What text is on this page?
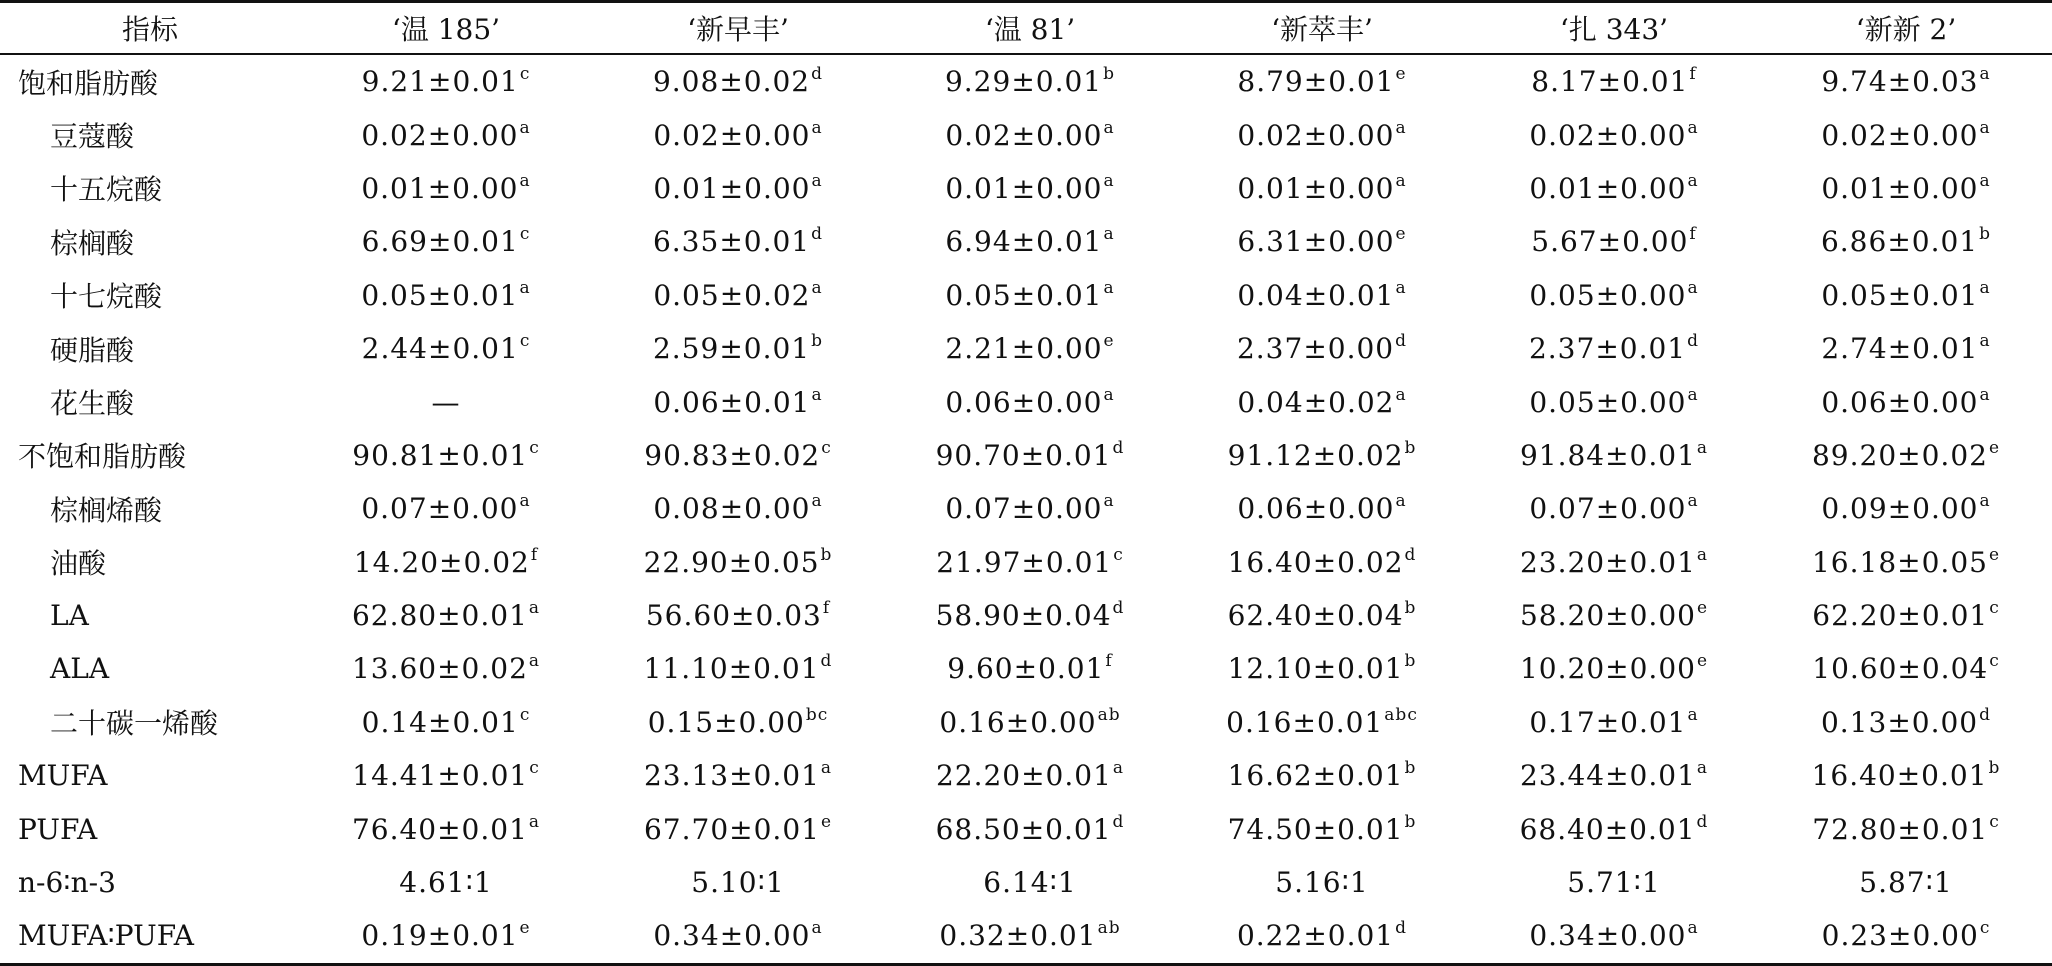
指标	‘温 185’	‘新早丰’	‘温 81’	‘新萃丰’	‘扎 343’	‘新新 2’
饱和脂肪酸	9.21±0.01$^c$	9.08±0.02$^d$	9.29±0.01$^b$	8.79±0.01$^e$	8.17±0.01$^f$	9.74±0.03$^a$
豆蔻酸	0.02±0.00$^a$	0.02±0.00$^a$	0.02±0.00$^a$	0.02±0.00$^a$	0.02±0.00$^a$	0.02±0.00$^a$
十五烷酸	0.01±0.00$^a$	0.01±0.00$^a$	0.01±0.00$^a$	0.01±0.00$^a$	0.01±0.00$^a$	0.01±0.00$^a$
棕榈酸	6.69±0.01$^c$	6.35±0.01$^d$	6.94±0.01$^a$	6.31±0.00$^e$	5.67±0.00$^f$	6.86±0.01$^b$
十七烷酸	0.05±0.01$^a$	0.05±0.02$^a$	0.05±0.01$^a$	0.04±0.01$^a$	0.05±0.00$^a$	0.05±0.01$^a$
硬脂酸	2.44±0.01$^c$	2.59±0.01$^b$	2.21±0.00$^e$	2.37±0.00$^d$	2.37±0.01$^d$	2.74±0.01$^a$
花生酸	—	0.06±0.01$^a$	0.06±0.00$^a$	0.04±0.02$^a$	0.05±0.00$^a$	0.06±0.00$^a$
不饱和脂肪酸	90.81±0.01$^c$	90.83±0.02$^c$	90.70±0.01$^d$	91.12±0.02$^b$	91.84±0.01$^a$	89.20±0.02$^e$
棕榈烯酸	0.07±0.00$^a$	0.08±0.00$^a$	0.07±0.00$^a$	0.06±0.00$^a$	0.07±0.00$^a$	0.09±0.00$^a$
油酸	14.20±0.02$^f$	22.90±0.05$^b$	21.97±0.01$^c$	16.40±0.02$^d$	23.20±0.01$^a$	16.18±0.05$^e$
LA	62.80±0.01$^a$	56.60±0.03$^f$	58.90±0.04$^d$	62.40±0.04$^b$	58.20±0.00$^e$	62.20±0.01$^c$
ALA	13.60±0.02$^a$	11.10±0.01$^d$	9.60±0.01$^f$	12.10±0.01$^b$	10.20±0.00$^e$	10.60±0.04$^c$
二十碳一烯酸	0.14±0.01$^c$	0.15±0.00$^{bc}$	0.16±0.00$^{ab}$	0.16±0.01$^{abc}$	0.17±0.01$^a$	0.13±0.00$^d$
MUFA	14.41±0.01$^c$	23.13±0.01$^a$	22.20±0.01$^a$	16.62±0.01$^b$	23.44±0.01$^a$	16.40±0.01$^b$
PUFA	76.40±0.01$^a$	67.70±0.01$^e$	68.50±0.01$^d$	74.50±0.01$^b$	68.40±0.01$^d$	72.80±0.01$^c$
n-6∶n-3	4.61∶1	5.10∶1	6.14∶1	5.16∶1	5.71∶1	5.87∶1
MUFA∶PUFA	0.19±0.01$^e$	0.34±0.00$^a$	0.32±0.01$^{ab}$	0.22±0.01$^d$	0.34±0.00$^a$	0.23±0.00$^c$
